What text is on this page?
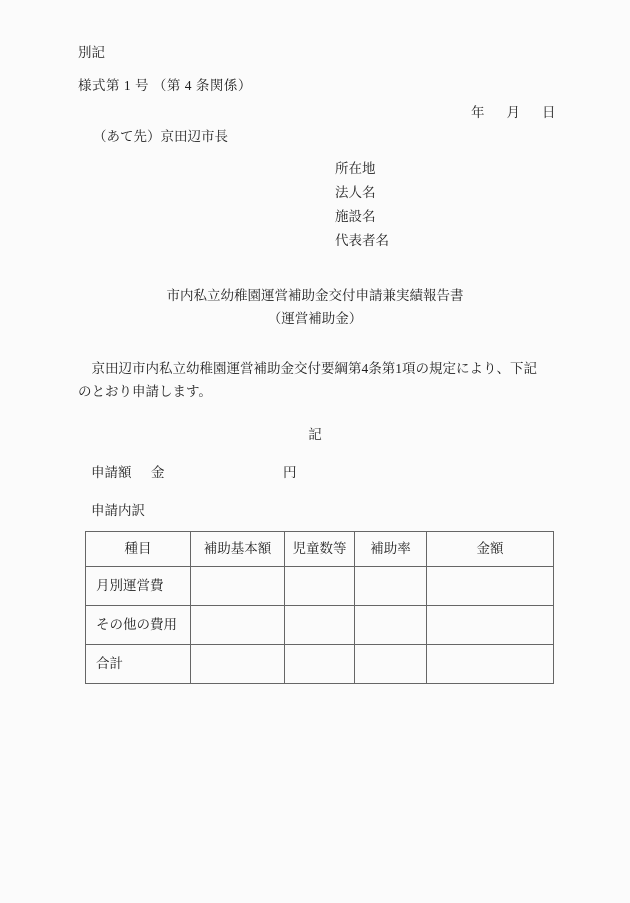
別記
様式第 1 号 （第 4 条関係）
年 月 日
（あて先）京田辺市長
所在地
法人名
施設名
代表者名
市内私立幼稚園運営補助金交付申請兼実績報告書
（運営補助金）
　京田辺市内私立幼稚園運営補助金交付要綱第4条第1項の規定により、下記
のとおり申請します。
記
申請額 金	円
申請内訳
種目	補助基本額	児童数等	補助率	金額
月別運営費				
その他の費用				
合計				
